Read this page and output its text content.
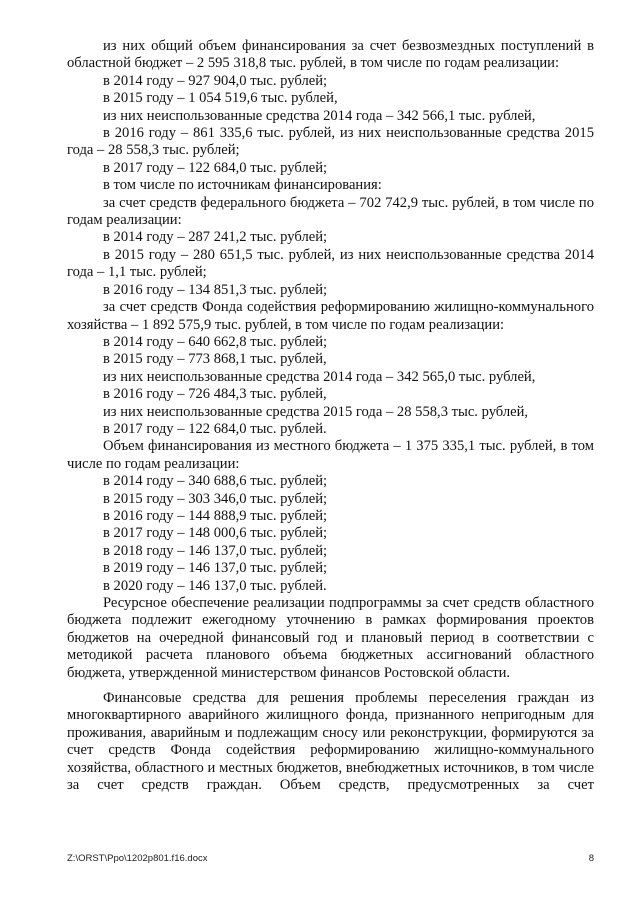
из них общий объем финансирования за счет безвозмездных поступлений в областной бюджет – 2 595 318,8 тыс. рублей, в том числе по годам реализации:

в 2014 году – 927 904,0 тыс. рублей;

в 2015 году – 1 054 519,6 тыс. рублей,

из них неиспользованные средства 2014 года – 342 566,1 тыс. рублей,

в 2016 году – 861 335,6 тыс. рублей, из них неиспользованные средства 2015 года – 28 558,3 тыс. рублей;

в 2017 году – 122 684,0 тыс. рублей;

в том числе по источникам финансирования:

за счет средств федерального бюджета – 702 742,9 тыс. рублей, в том числе по годам реализации:

в 2014 году – 287 241,2 тыс. рублей;

в 2015 году – 280 651,5 тыс. рублей, из них неиспользованные средства 2014 года – 1,1 тыс. рублей;

в 2016 году – 134 851,3 тыс. рублей;

за счет средств Фонда содействия реформированию жилищно-коммунального хозяйства – 1 892 575,9 тыс. рублей, в том числе по годам реализации:

в 2014 году – 640 662,8 тыс. рублей;

в 2015 году – 773 868,1 тыс. рублей,

из них неиспользованные средства 2014 года – 342 565,0 тыс. рублей,

в 2016 году – 726 484,3 тыс. рублей,

из них неиспользованные средства 2015 года – 28 558,3 тыс. рублей,

в 2017 году – 122 684,0 тыс. рублей.

Объем финансирования из местного бюджета – 1 375 335,1 тыс. рублей, в том числе по годам реализации:

в 2014 году – 340 688,6 тыс. рублей;

в 2015 году – 303 346,0 тыс. рублей;

в 2016 году – 144 888,9 тыс. рублей;

в 2017 году – 148 000,6 тыс. рублей;

в 2018 году – 146 137,0 тыс. рублей;

в 2019 году – 146 137,0 тыс. рублей;

в 2020 году – 146 137,0 тыс. рублей.

Ресурсное обеспечение реализации подпрограммы за счет средств областного бюджета подлежит ежегодному уточнению в рамках формирования проектов бюджетов на очередной финансовый год и плановый период в соответствии с методикой расчета планового объема бюджетных ассигнований областного бюджета, утвержденной министерством финансов Ростовской области.

Финансовые средства для решения проблемы переселения граждан из многоквартирного аварийного жилищного фонда, признанного непригодным для проживания, аварийным и подлежащим сносу или реконструкции, формируются за счет средств Фонда содействия реформированию жилищно-коммунального хозяйства, областного и местных бюджетов, внебюджетных источников, в том числе за счет средств граждан. Объем средств, предусмотренных за счет

Z:\ORST\Ppo\1202p801.f16.docx	8
